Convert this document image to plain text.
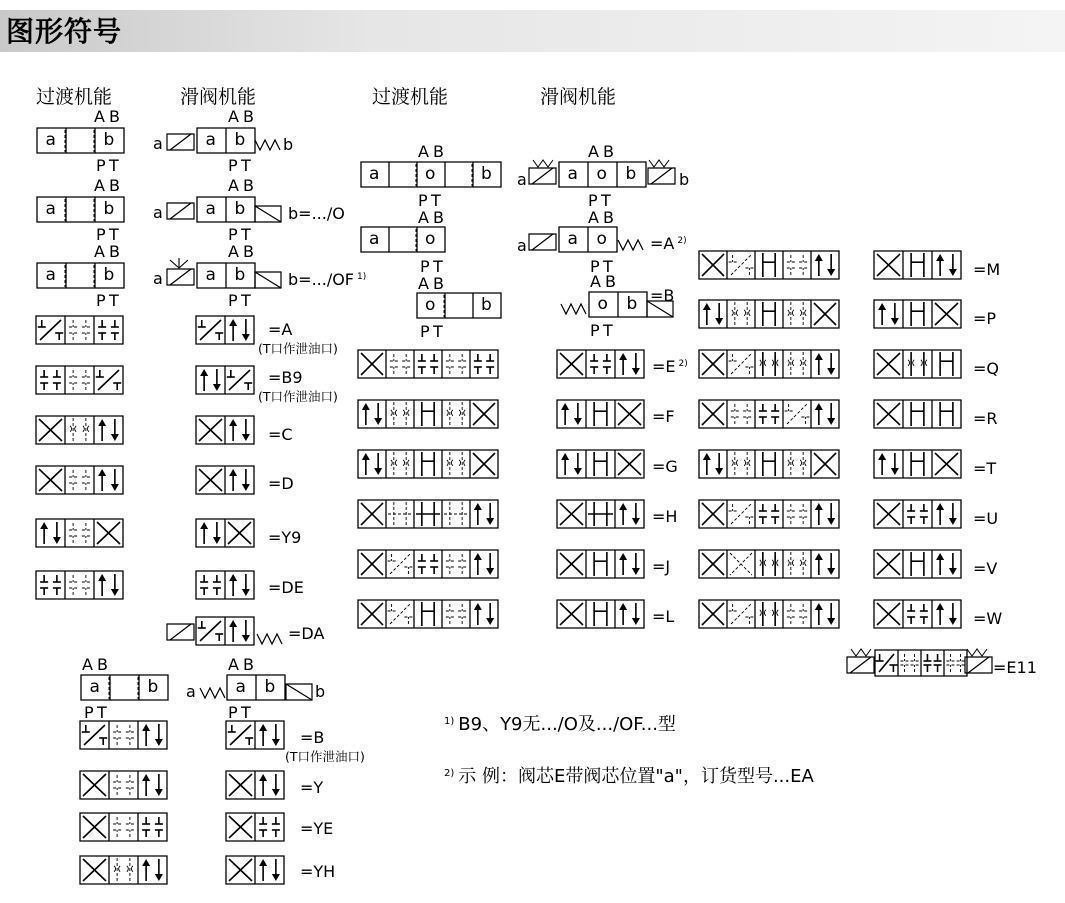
图形符号
过渡机能	滑阀机能	过渡机能	滑阀机能
A B
a	b
P T
A B
a	b
P T
A B
a	b
P T
A B
a	a b
P T
A B
a	a b
P T
A B
a	a b
P T
b
b=.../O
b=.../OF $^{1)}$
=A
(T口作泄油口)
=B9
(T口作泄油口)
=C
=D
=Y9
=DE
=DA
A B
a	b
P T
A B
a a b b
P T
=B
(T口作泄油口)
=Y
=YE
=YH
A B
a	o	b
P T
A B
a	o
P T
A B
o	b
P T
A B
a a o b	b
P T
A B
a a o	=A $^{2)}$
P T
A B
o b =B
P T
=E $^{2)}$
=F
=G
=H
=J
=L
=M
=P
=Q
=R
=T
=U
=V
=W
=E11
$^{1)}$ B9、Y9无.../O及.../OF...型
$^{2)}$ 示 例：阀芯E带阀芯位置"a"，订货型号...EA
